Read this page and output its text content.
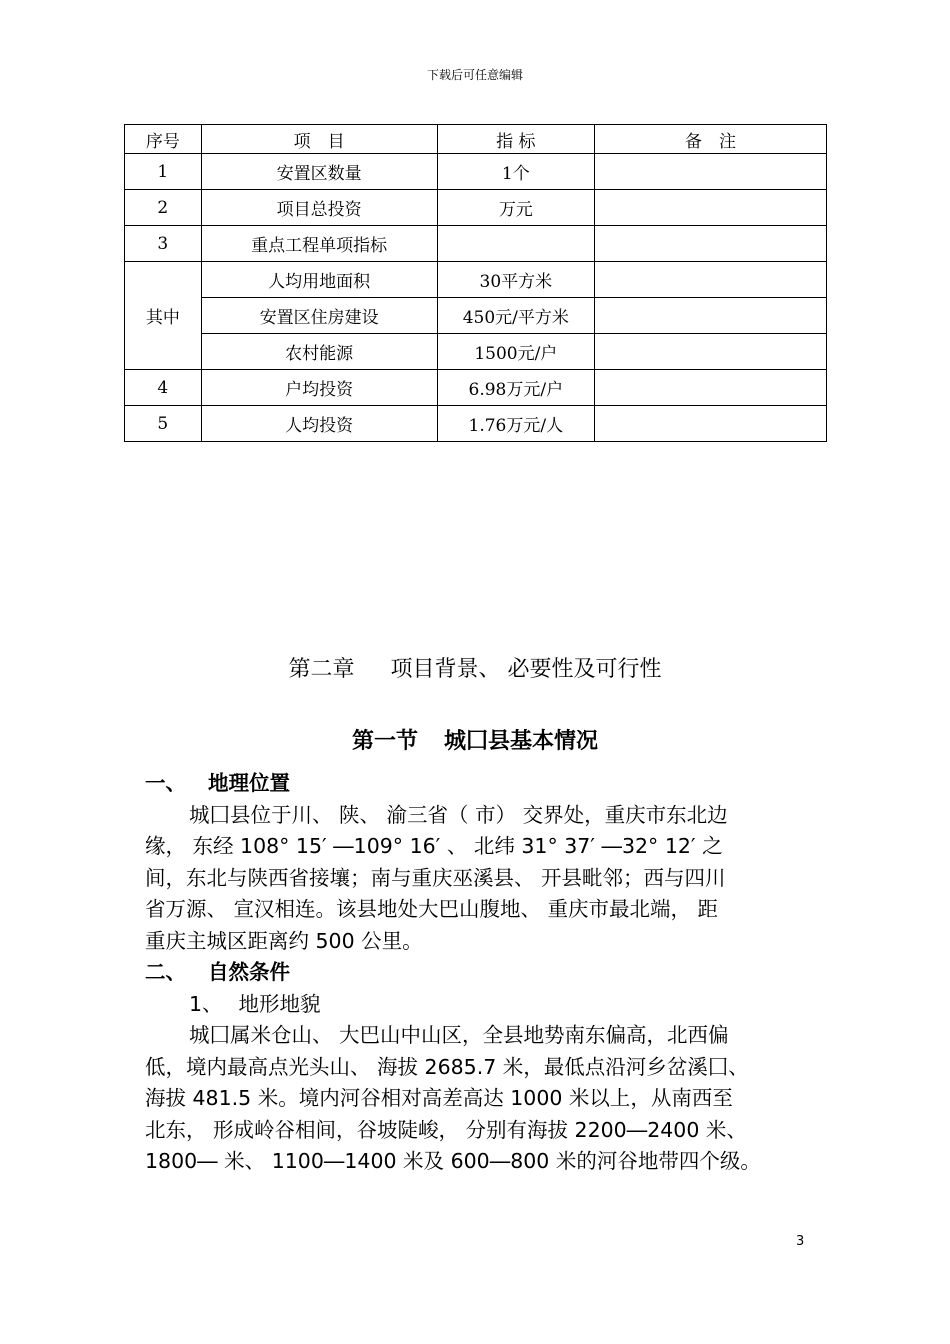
下载后可任意编辑
序号	项　目	指 标	备　注
1	安置区数量	1个	
2	项目总投资	万元	
3	重点工程单项指标		
其中	人均用地面积	30平方米	
	安置区住房建设	450元/平方米	
	农村能源	1500元/户	
4	户均投资	6.98万元/户	
5	人均投资	1.76万元/人	
第二章 项目背景、 必要性及可行性
第一节 城囗县基本情况
一、 地理位置
城囗县位于川、 陕、 渝三省（ 市） 交界处，重庆市东北边
缘， 东经 108° 15′ ―109° 16′ 、 北纬 31° 37′ ―32° 12′ 之
间，东北与陕西省接壤；南与重庆巫溪县、 开县毗邻；西与四川
省万源、 宣汉相连。该县地处大巴山腹地、 重庆市最北端， 距
重庆主城区距离约 500 公里。
二、 自然条件
1、 地形地貌
城囗属米仓山、 大巴山中山区，全县地势南东偏高，北西偏
低，境内最高点光头山、 海拔 2685.7 米，最低点沿河乡岔溪囗、
海拔 481.5 米。境内河谷相对高差高达 1000 米以上，从南西至
北东， 形成岭谷相间，谷坡陡峻， 分别有海拔 2200―2400 米、
1800― 米、 1100―1400 米及 600―800 米的河谷地带四个级。
3
